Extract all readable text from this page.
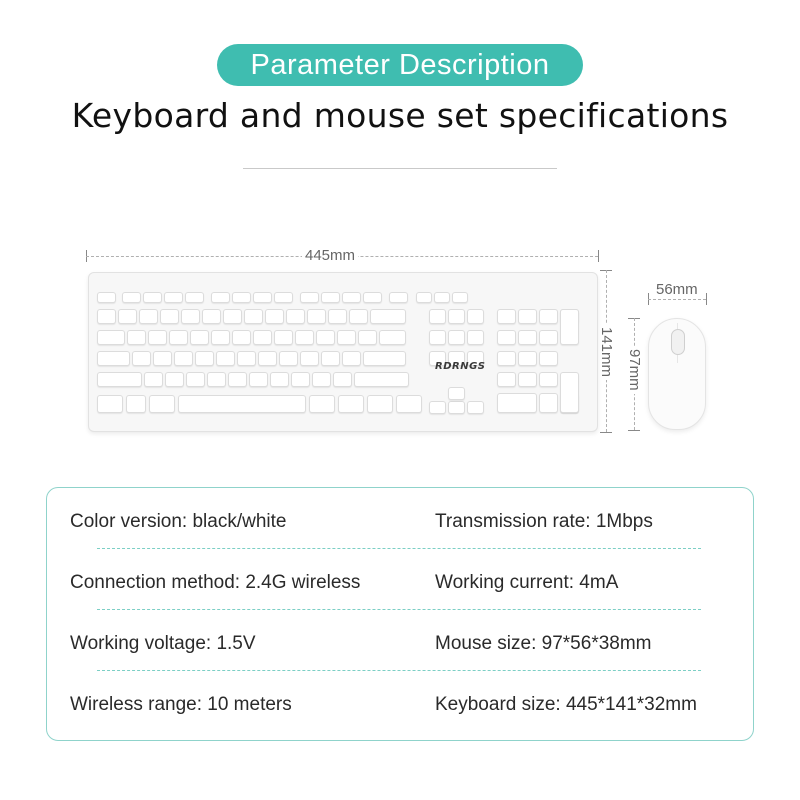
Parameter Description
Keyboard and mouse set specifications
445mm
141mm
56mm
97mm
RDRNGS
Color version: black/white	Transmission rate: 1Mbps
Connection method: 2.4G wireless	Working current: 4mA
Working voltage: 1.5V	Mouse size: 97*56*38mm
Wireless range: 10 meters	Keyboard size: 445*141*32mm
